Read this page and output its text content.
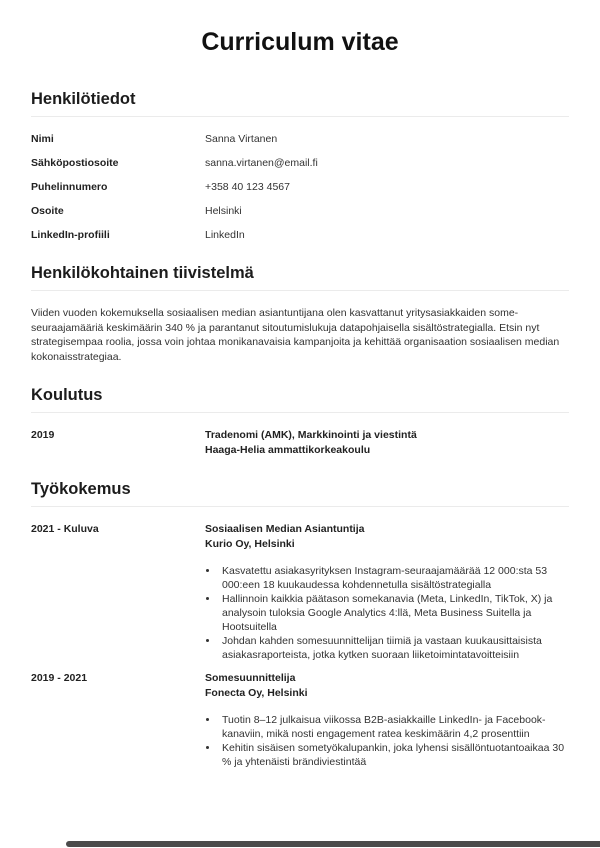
Curriculum vitae
Henkilötiedot
Nimi	Sanna Virtanen
Sähköpostiosoite	sanna.virtanen@email.fi
Puhelinnumero	+358 40 123 4567
Osoite	Helsinki
LinkedIn-profiili	LinkedIn
Henkilökohtainen tiivistelmä

Viiden vuoden kokemuksella sosiaalisen median asiantuntijana olen kasvattanut yritysasiakkaiden some-seuraajamääriä keskimäärin 340 % ja parantanut sitoutumislukuja datapohjaisella sisältöstrategialla. Etsin nyt strategisempaa roolia, jossa voin johtaa monikanavaisia kampanjoita ja kehittää organisaation sosiaalisen median kokonaisstrategiaa.

Koulutus
2019	Tradenomi (AMK), Markkinointi ja viestintä
Haaga-Helia ammattikorkeakoulu
Työkokemus
2021 - Kuluva	Sosiaalisen Median Asiantuntija
Kurio Oy, Helsinki
• Kasvatettu asiakasyrityksen Instagram-seuraajamäärää 12 000:sta 53 000:een 18 kuukaudessa kohdennetulla sisältöstrategialla
• Hallinnoin kaikkia päätason somekanavia (Meta, LinkedIn, TikTok, X) ja analysoin tuloksia Google Analytics 4:llä, Meta Business Suitella ja Hootsuitella
• Johdan kahden somesuunnittelijan tiimiä ja vastaan kuukausittaisista asiakasraporteista, jotka kytken suoraan liiketoimintatavoitteisiin
2019 - 2021	Somesuunnittelija
Fonecta Oy, Helsinki
• Tuotin 8–12 julkaisua viikossa B2B-asiakkaille LinkedIn- ja Facebook-kanaviin, mikä nosti engagement ratea keskimäärin 4,2 prosenttiin
• Kehitin sisäisen sometyökalupankin, joka lyhensi sisällöntuotantoaikaa 30 % ja yhtenäisti brändiviestintää
